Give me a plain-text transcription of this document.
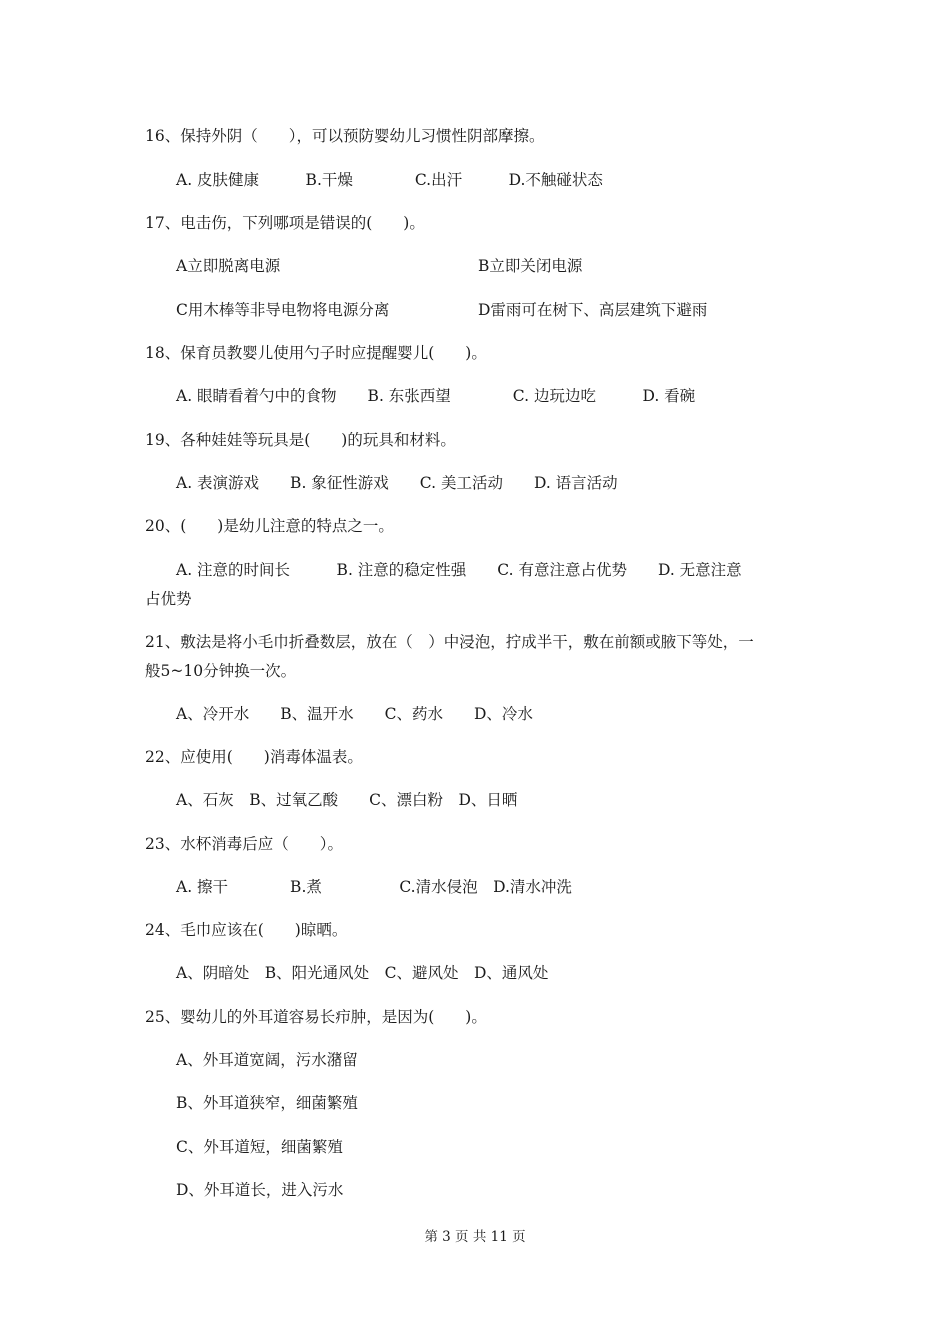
16、保持外阴（　　），可以预防婴幼儿习惯性阴部摩擦。
A. 皮肤健康　　　B.干燥　　　　C.出汗　　　D.不触碰状态
17、电击伤，下列哪项是错误的(　　)。
A立即脱离电源	B立即关闭电源
C用木棒等非导电物将电源分离	D雷雨可在树下、高层建筑下避雨
18、保育员教婴儿使用勺子时应提醒婴儿(　　)。
A. 眼睛看着勺中的食物　　B. 东张西望　　　　C. 边玩边吃　　　D. 看碗
19、各种娃娃等玩具是(　　)的玩具和材料。
A. 表演游戏　　B. 象征性游戏　　C. 美工活动　　D. 语言活动
20、(　　)是幼儿注意的特点之一。
A. 注意的时间长　　　B. 注意的稳定性强　　C. 有意注意占优势　　D. 无意注意
占优势
21、敷法是将小毛巾折叠数层，放在（　）中浸泡，拧成半干，敷在前额或腋下等处，一
般5~10分钟换一次。
A、冷开水　　B、温开水　　C、药水　　D、冷水
22、应使用(　　)消毒体温表。
A、石灰　B、过氧乙酸　　C、漂白粉　D、日晒
23、水杯消毒后应（　　）。
A. 擦干　　　　B.煮　　　　　C.清水侵泡　D.清水冲洗
24、毛巾应该在(　　)晾晒。
A、阴暗处　B、阳光通风处　C、避风处　D、通风处
25、婴幼儿的外耳道容易长疖肿，是因为(　　)。
A、外耳道宽阔，污水潴留
B、外耳道狭窄，细菌繁殖
C、外耳道短，细菌繁殖
D、外耳道长，进入污水
第 3 页 共 11 页
